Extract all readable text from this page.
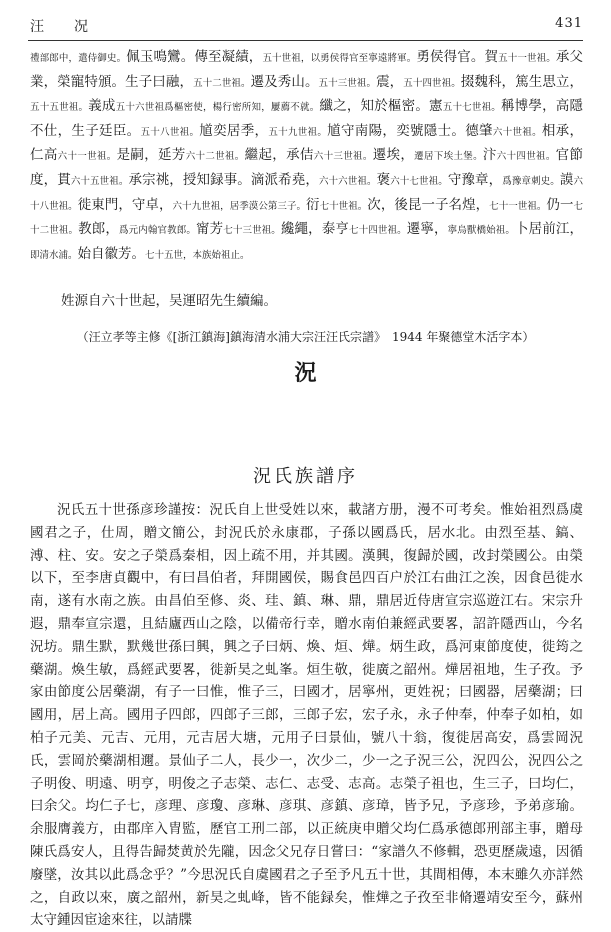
汪　况	431
禮部郎中，遣侍御史。佩玉鳴鸞。傳至凝績，五十世祖，以勇侯得官至寧遠將軍。勇侯得官。賀五十一世祖。承父業，榮寵特頒。生子曰融，五十二世祖。遷及秀山。五十三世祖。震，五十四世祖。掇魏科，篤生思立，五十五世祖。義成五十六世祖爲樞密使，楊行密所知，屢薦不就。纖之，知於樞密。憲五十七世祖。稱博學，高隱不仕，生子廷臣。五十八世祖。馗奕居季，五十九世祖。馗守南陽，奕號隱士。德肇六十世祖。相承，仁高六十一世祖。是嗣，延芳六十二世祖。繼起，承佶六十三世祖。遷埃，遷居下埃土堡。汴六十四世祖。官節度，貫六十五世祖。承宗祧，授知録事。滴派希堯，六十六世祖。褒六十七世祖。守豫章，爲豫章刺史。謨六十八世祖。徙東門，守卓，六十九世祖，居季漠公第三子。衍七十世祖。次，後昆一子名煌，七十一世祖。仍一七十二世祖。教郎，爲元内翰官教郎。甯芳七十三世祖。纔繩，泰亨七十四世祖。遷寧，寧烏獸橋始祖。卜居前江，即清水浦。始自徽芳。七十五世，本族始祖止。
姓源自六十世起，吴運昭先生續編。
（汪立孝等主修《[浙江鎮海]鎮海清水浦大宗汪汪氏宗譜》　1944 年聚德堂木活字本）
況
況氏族譜序
況氏五十世孫彦珍謹按：況氏自上世受姓以來，載諸方册，漫不可考矣。惟始祖烈爲虞國君之子，仕周，贈文簡公，封況氏於永康郡，子孫以國爲氏，居水北。由烈至基、鎬、溥、柱、安。安之子榮爲秦相，因上疏不用，并其國。漢興，復歸於國，改封榮國公。由榮以下，至李唐貞觀中，有曰昌伯者，拜開國侯，賜食邑四百户於江右曲江之涘，因食邑徙水南，遂有水南之族。由昌伯至修、炎、珪、鎮、琳、鼎，鼎居近侍唐宣宗巡遊江右。宋宗升遐，鼎奉宣宗還，且結廬西山之陰，以備帝行幸，贈水南伯兼經武要畧，詔許隱西山，今名況坊。鼎生默，默幾世孫曰興，興之子曰炳、煥、烜、燁。炳生政，爲河東節度使，徙筠之藥湖。煥生敏，爲經武要畧，徙新昊之虬峯。烜生敬，徙廣之韶州。燁居祖地，生子孜。予家由節度公居藥湖，有子一曰惟，惟子三，曰國才，居寧州，更姓祝；曰國器，居藥湖；曰國用，居上高。國用子四郎，四郎子三郎，三郎子宏，宏子永，永子仲奉，仲奉子如柏，如柏子元美、元吉、元用，元吉居大塘，元用子曰景仙，號八十翁，復徙居高安，爲雲岡況氏，雲岡於藥湖相邇。景仙子二人，長少一，次少二，少一之子況三公，況四公，況四公之子明俊、明遠、明亨，明俊之子志榮、志仁、志受、志高。志榮子祖也，生三子，曰均仁，曰余父。均仁子七，彦理、彦瓊、彦琳、彦琪、彦鎮、彦璋，皆予兄，予彦珍，予弟彦瑜。余服膺義方，由郡庠入胄監，歷官工刑二部，以正統庚申贈父均仁爲承德郎刑部主事，贈母陳氏爲安人，且得告歸焚黄於先隴，因念父兄存日嘗曰：“家譜久不修輯，恐更歷歲遠，因循廢墜，汝其以此爲念乎？”今思況氏自虞國君之子至予凡五十世，其間相傳，本末雖久亦詳然之，自政以來，廣之韶州，新昊之虬峰，皆不能録矣，惟燁之子孜至非脩遷靖安至今，蘇州太守鍾因宦途來往，以請牒
